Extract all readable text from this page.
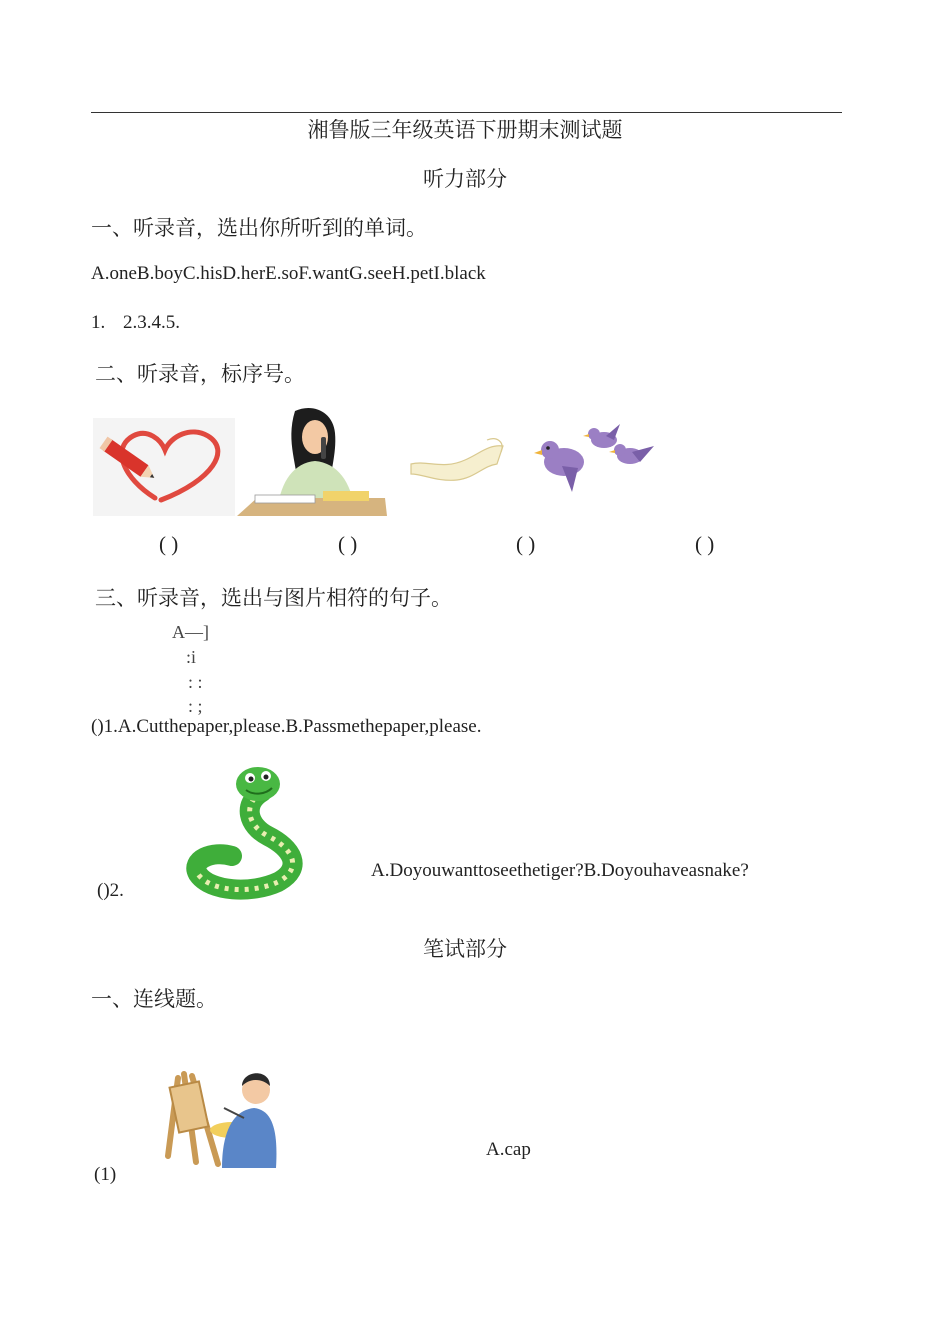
湘鲁版三年级英语下册期末测试题
听力部分
一、听录音，选出你所听到的单词。
A.oneB.boyC.hisD.herE.soF.wantG.seeH.petI.black
1. 2.3.4.5.
二、听录音，标序号。
( )	( )	( )	( )
三、听录音，选出与图片相符的句子。
A—]
:i
: :
: ;
()1.A.Cutthepaper,please.B.Passmethepaper,please.
()2.
A.Doyouwanttoseethetiger?B.Doyouhaveasnake?
笔试部分
一、连线题。
A.cap
(1)
